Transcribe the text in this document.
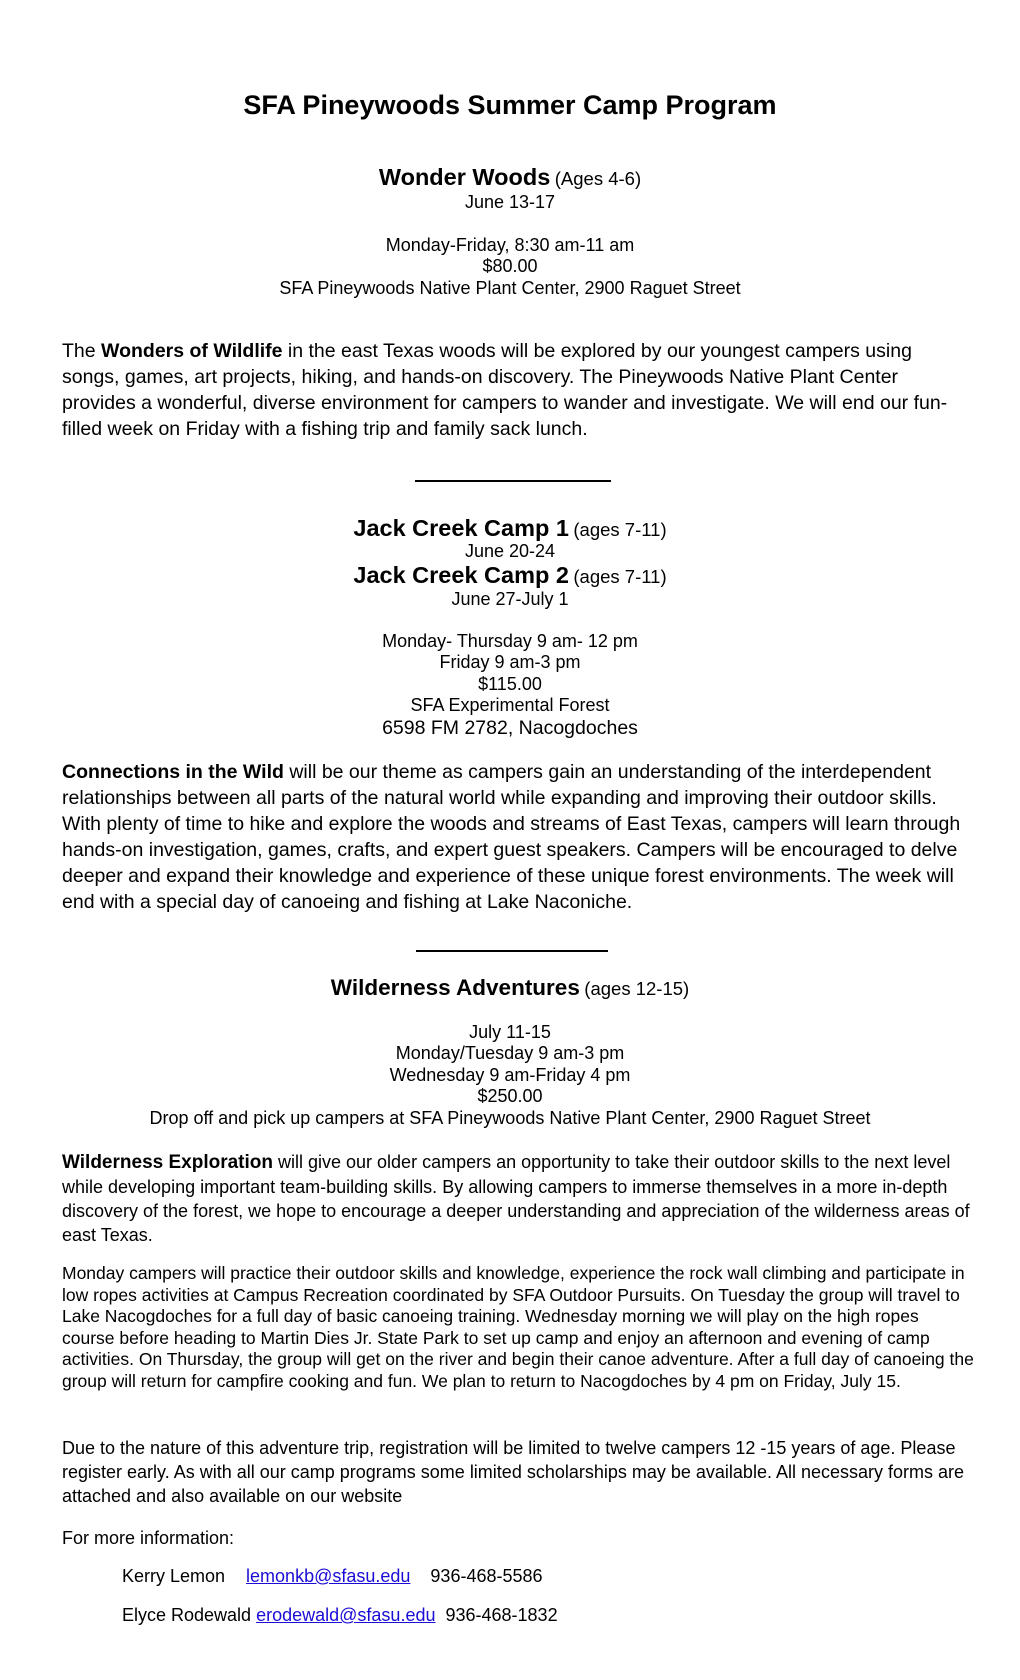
SFA Pineywoods Summer Camp Program
Wonder Woods (Ages 4-6)
June 13-17
Monday-Friday, 8:30 am-11 am
$80.00
SFA Pineywoods Native Plant Center, 2900 Raguet Street
The Wonders of Wildlife in the east Texas woods will be explored by our youngest campers using songs, games, art projects, hiking, and hands-on discovery. The Pineywoods Native Plant Center provides a wonderful, diverse environment for campers to wander and investigate. We will end our fun-filled week on Friday with a fishing trip and family sack lunch.
Jack Creek Camp 1 (ages 7-11)
June 20-24
Jack Creek Camp 2 (ages 7-11)
June 27-July 1
Monday- Thursday 9 am- 12 pm
Friday 9 am-3 pm
$115.00
SFA Experimental Forest
6598 FM 2782, Nacogdoches
Connections in the Wild will be our theme as campers gain an understanding of the interdependent relationships between all parts of the natural world while expanding and improving their outdoor skills. With plenty of time to hike and explore the woods and streams of East Texas, campers will learn through hands-on investigation, games, crafts, and expert guest speakers. Campers will be encouraged to delve deeper and expand their knowledge and experience of these unique forest environments. The week will end with a special day of canoeing and fishing at Lake Naconiche.
Wilderness Adventures (ages 12-15)
July 11-15
Monday/Tuesday 9 am-3 pm
Wednesday 9 am-Friday 4 pm
$250.00
Drop off and pick up campers at SFA Pineywoods Native Plant Center, 2900 Raguet Street
Wilderness Exploration will give our older campers an opportunity to take their outdoor skills to the next level while developing important team-building skills. By allowing campers to immerse themselves in a more in-depth discovery of the forest, we hope to encourage a deeper understanding and appreciation of the wilderness areas of east Texas.
Monday campers will practice their outdoor skills and knowledge, experience the rock wall climbing and participate in low ropes activities at Campus Recreation coordinated by SFA Outdoor Pursuits. On Tuesday the group will travel to Lake Nacogdoches for a full day of basic canoeing training. Wednesday morning we will play on the high ropes course before heading to Martin Dies Jr. State Park to set up camp and enjoy an afternoon and evening of camp activities. On Thursday, the group will get on the river and begin their canoe adventure. After a full day of canoeing the group will return for campfire cooking and fun. We plan to return to Nacogdoches by 4 pm on Friday, July 15.
Due to the nature of this adventure trip, registration will be limited to twelve campers 12 -15 years of age. Please register early. As with all our camp programs some limited scholarships may be available. All necessary forms are attached and also available on our website
For more information:
Kerry Lemon lemonkb@sfasu.edu 936-468-5586
Elyce Rodewald erodewald@sfasu.edu 936-468-1832
